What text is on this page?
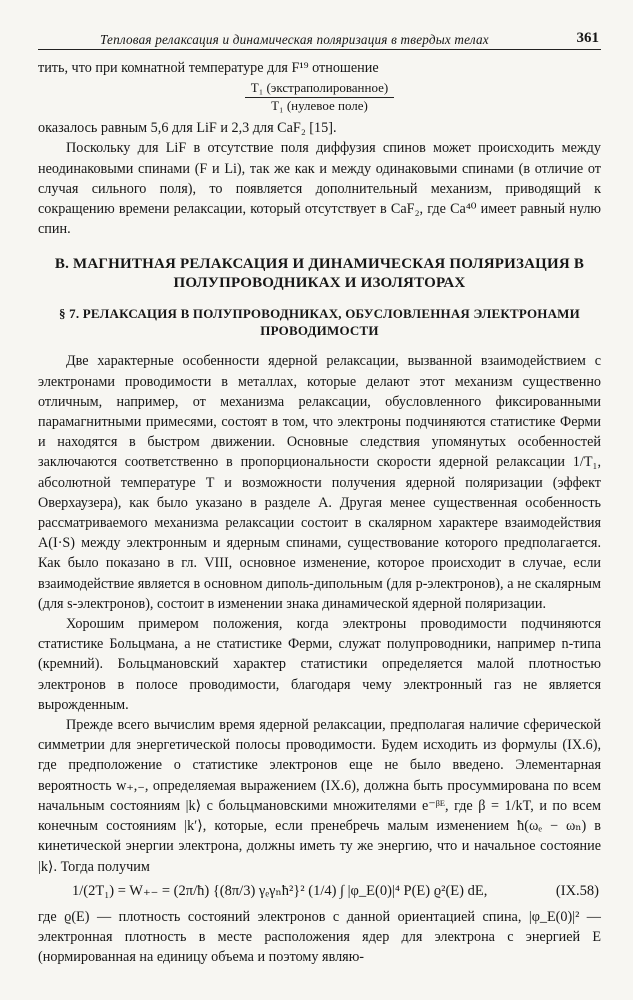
Тепловая релаксация и динамическая поляризация в твердых телах	361

тить, что при комнатной температуре для F¹⁹ отношение

T₁ (экстраполированное)
T₁ (нулевое поле)

оказалось равным 5,6 для LiF и 2,3 для CaF₂ [15].

Поскольку для LiF в отсутствие поля диффузия спинов может происходить между неодинаковыми спинами (F и Li), так же как и между одинаковыми спинами (в отличие от случая сильного поля), то появляется дополнительный механизм, приводящий к сокращению времени релаксации, который отсутствует в CaF₂, где Ca⁴⁰ имеет равный нулю спин.

В. МАГНИТНАЯ РЕЛАКСАЦИЯ И ДИНАМИЧЕСКАЯ ПОЛЯРИЗАЦИЯ В ПОЛУПРОВОДНИКАХ И ИЗОЛЯТОРАХ
§ 7. РЕЛАКСАЦИЯ В ПОЛУПРОВОДНИКАХ, ОБУСЛОВЛЕННАЯ ЭЛЕКТРОНАМИ ПРОВОДИМОСТИ

Две характерные особенности ядерной релаксации, вызванной взаимодействием с электронами проводимости в металлах, которые делают этот механизм существенно отличным, например, от механизма релаксации, обусловленного фиксированными парамагнитными примесями, состоят в том, что электроны подчиняются статистике Ферми и находятся в быстром движении. Основные следствия упомянутых особенностей заключаются соответственно в пропорциональности скорости ядерной релаксации 1/T₁, абсолютной температуре T и возможности получения ядерной поляризации (эффект Оверхаузера), как было указано в разделе А. Другая менее существенная особенность рассматриваемого механизма релаксации состоит в скалярном характере взаимодействия A(I·S) между электронным и ядерным спинами, существование которого предполагается. Как было показано в гл. VIII, основное изменение, которое происходит в случае, если взаимодействие является в основном диполь-дипольным (для p-электронов), а не скалярным (для s-электронов), состоит в изменении знака динамической ядерной поляризации.

Хорошим примером положения, когда электроны проводимости подчиняются статистике Больцмана, а не статистике Ферми, служат полупроводники, например n-типа (кремний). Больцмановский характер статистики определяется малой плотностью электронов в полосе проводимости, благодаря чему электронный газ не является вырожденным.

Прежде всего вычислим время ядерной релаксации, предполагая наличие сферической симметрии для энергетической полосы проводимости. Будем исходить из формулы (IX.6), где предположение о статистике электронов еще не было введено. Элементарная вероятность w₊,₋, определяемая выражением (IX.6), должна быть просуммирована по всем начальным состояниям |k⟩ с больцмановскими множителями e⁻ᵝᴱ, где β = 1/kT, и по всем конечным состояниям |k′⟩, которые, если пренебречь малым изменением ħ(ωₑ − ωₙ) в кинетической энергии электрона, должны иметь ту же энергию, что и начальное состояние |k⟩. Тогда получим

1/(2T₁) = W₊₋ = (2π/ħ) {(8π/3) γₑγₙħ²}² (1/4) ∫ |φ_E(0)|⁴ P(E) ϱ²(E) dE,	(IX.58)

где ϱ(E) — плотность состояний электронов с данной ориентацией спина, |φ_E(0)|² — электронная плотность в месте расположения ядер для электрона с энергией E (нормированная на единицу объема и поэтому являю-
